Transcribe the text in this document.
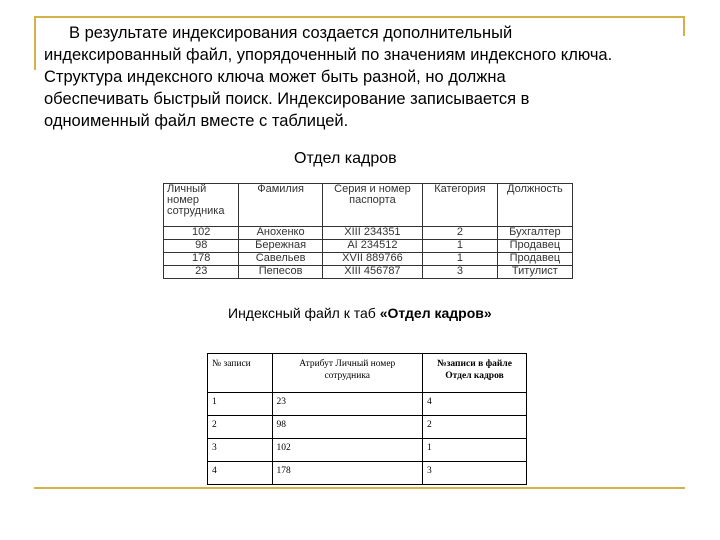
В результате индексирования создается дополнительный
индексированный файл, упорядоченный по значениям индексного ключа.
Структура индексного ключа может быть разной, но должна
обеспечивать быстрый поиск. Индексирование записывается в
одноименный файл вместе с таблицей.

Отдел кадров

Личный номер сотрудника	Фамилия	Серия и номер паспорта	Категория	Должность
102	Анохенко	XIII 234351	2	Бухгалтер
98	Бережная	AI 234512	1	Продавец
178	Савельев	XVII 889766	1	Продавец
23	Пепесов	XIII 456787	3	Титулист

Индексный файл к таб «Отдел кадров»

№ записи	Атрибут Личный номер сотрудника	№записи в файле Отдел кадров
1	23	4
2	98	2
3	102	1
4	178	3
